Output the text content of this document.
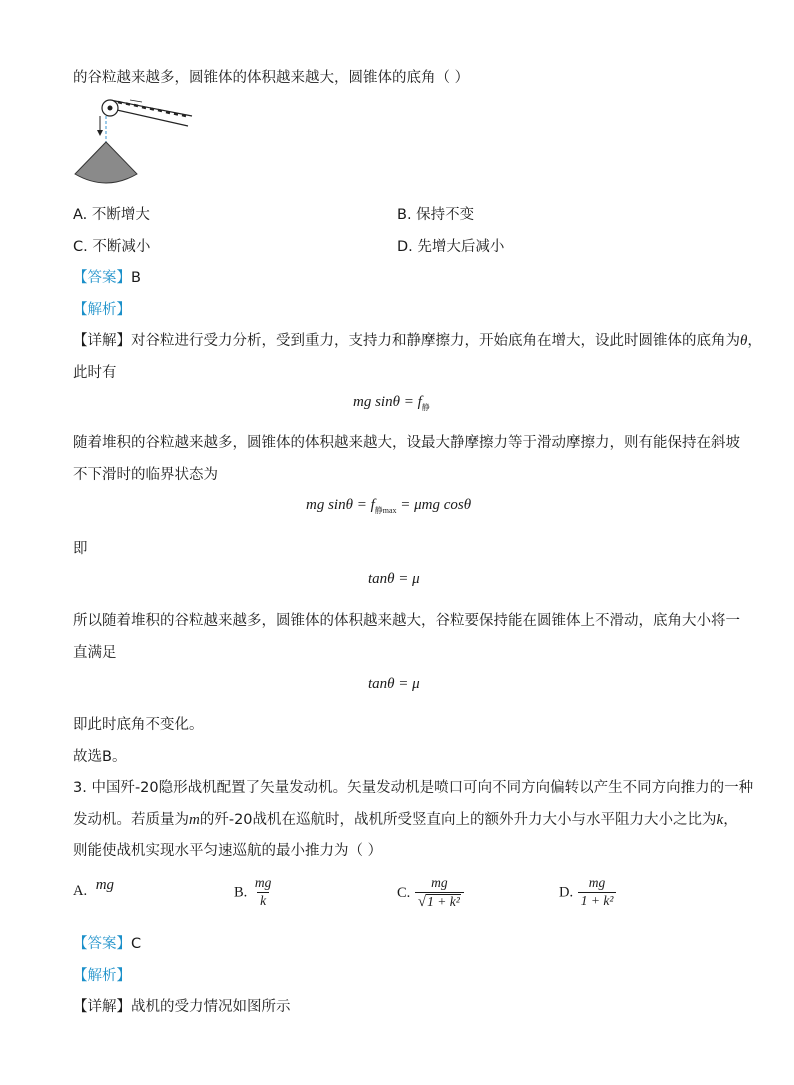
的谷粒越来越多，圆锥体的体积越来越大，圆锥体的底角（ ）
A. 不断增大	B. 保持不变
C. 不断减小	D. 先增大后减小
【答案】B
【解析】
【详解】对谷粒进行受力分析，受到重力，支持力和静摩擦力，开始底角在增大，设此时圆锥体的底角为θ，
此时有
mg $\sin\theta = f_静$
随着堆积的谷粒越来越多，圆锥体的体积越来越大，设最大静摩擦力等于滑动摩擦力，则有能保持在斜坡
不下滑时的临界状态为
mg $\sin\theta = f_{静max} = \mu mg$ cosθ
即
tanθ = μ
所以随着堆积的谷粒越来越多，圆锥体的体积越来越大，谷粒要保持能在圆锥体上不滑动，底角大小将一
直满足
tanθ = μ
即此时底角不变化。
故选B。
3. 中国歼-20隐形战机配置了矢量发动机。矢量发动机是喷口可向不同方向偏转以产生不同方向推力的一种
发动机。若质量为m的歼-20战机在巡航时，战机所受竖直向上的额外升力大小与水平阻力大小之比为k，
则能使战机实现水平匀速巡航的最小推力为（ ）
A. mg	B. $\frac{mg}{k}$	C. $\frac{mg}{\text{√ 1 + k²}}$	D. $\frac{mg}{\text{1 + k²}}$
【答案】C
【解析】
【详解】战机的受力情况如图所示
